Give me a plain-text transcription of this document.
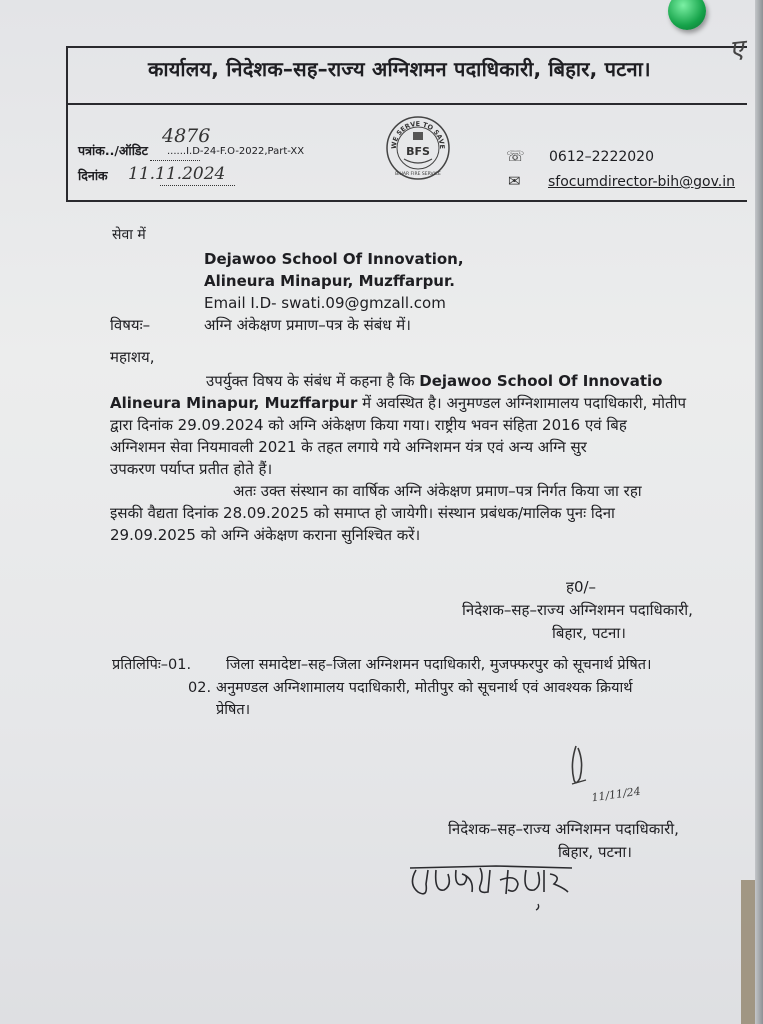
कार्यालय, निदेशक–सह–राज्य अग्निशमन पदाधिकारी, बिहार, पटना।
पत्रांक../ऑडिट
4876
......I.D-24-F.O-2022,Part-XX
दिनांक 11.11.2024
WE SERVE TO SAVE
BFS
BIHAR FIRE SERVICE
☏ 0612–2222020
✉ sfocumdirector-bih@gov.in
सेवा में
Dejawoo School Of Innovation,
Alineura Minapur, Muzffarpur.
Email I.D- swati.09@gmzall.com
विषयः–	अग्नि अंकेक्षण प्रमाण–पत्र के संबंध में।
महाशय,
उपर्युक्त विषय के संबंध में कहना है कि Dejawoo School Of Innovatio
Alineura Minapur, Muzffarpur में अवस्थित है। अनुमण्डल अग्निशामालय पदाधिकारी, मोतीप
द्वारा दिनांक 29.09.2024 को अग्नि अंकेक्षण किया गया। राष्ट्रीय भवन संहिता 2016 एवं बिह
अग्निशमन सेवा नियमावली 2021 के तहत लगाये गये अग्निशमन यंत्र एवं अन्य अग्नि सुर
उपकरण पर्याप्त प्रतीत होते हैं।
अतः उक्त संस्थान का वार्षिक अग्नि अंकेक्षण प्रमाण–पत्र निर्गत किया जा रहा
इसकी वैद्यता दिनांक 28.09.2025 को समाप्त हो जायेगी। संस्थान प्रबंधक/मालिक पुनः दिना
29.09.2025 को अग्नि अंकेक्षण कराना सुनिश्चित करें।
ह0/–
निदेशक–सह–राज्य अग्निशमन पदाधिकारी,
बिहार, पटना।
प्रतिलिपिः–01. जिला समादेष्टा–सह–जिला अग्निशमन पदाधिकारी, मुजफ्फरपुर को सूचनार्थ प्रेषित।
02. अनुमण्डल अग्निशामालय पदाधिकारी, मोतीपुर को सूचनार्थ एवं आवश्यक क्रियार्थ
प्रेषित।
11/11/24
निदेशक–सह–राज्य अग्निशमन पदाधिकारी,
बिहार, पटना।
ए
